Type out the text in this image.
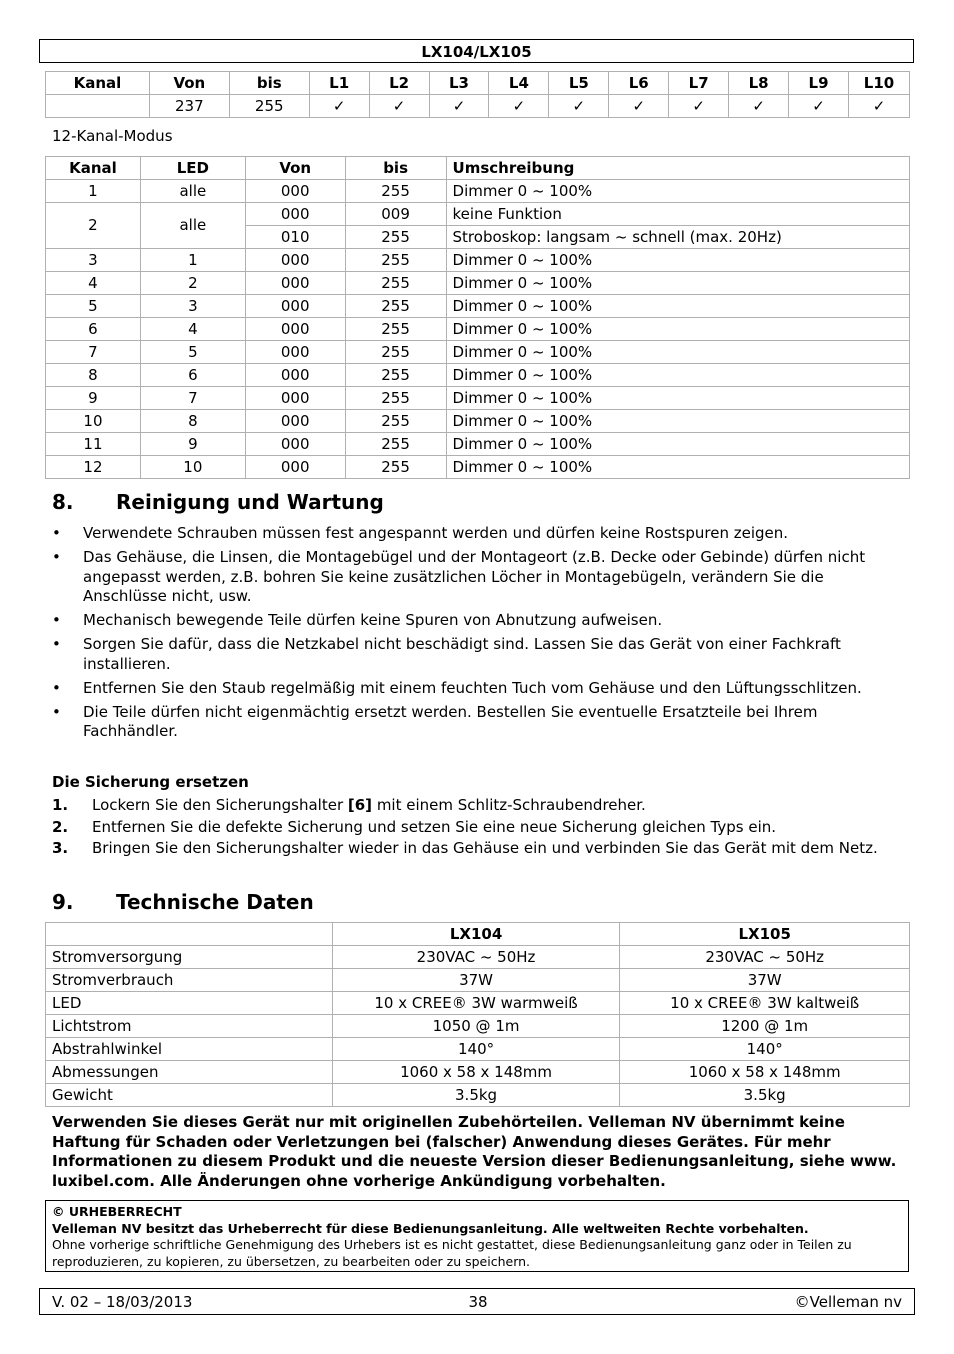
LX104/LX105
Kanal	Von	bis	L1	L2	L3	L4	L5	L6	L7	L8	L9	L10
	237	255	✓	✓	✓	✓	✓	✓	✓	✓	✓	✓
12-Kanal-Modus
Kanal	LED	Von	bis	Umschreibung
1	alle	000	255	Dimmer 0 ~ 100%
2	alle	000	009	keine Funktion
		010	255	Stroboskop: langsam ~ schnell (max. 20Hz)
3	1	000	255	Dimmer 0 ~ 100%
4	2	000	255	Dimmer 0 ~ 100%
5	3	000	255	Dimmer 0 ~ 100%
6	4	000	255	Dimmer 0 ~ 100%
7	5	000	255	Dimmer 0 ~ 100%
8	6	000	255	Dimmer 0 ~ 100%
9	7	000	255	Dimmer 0 ~ 100%
10	8	000	255	Dimmer 0 ~ 100%
11	9	000	255	Dimmer 0 ~ 100%
12	10	000	255	Dimmer 0 ~ 100%
8. Reinigung und Wartung
• Verwendete Schrauben müssen fest angespannt werden und dürfen keine Rostspuren zeigen.
• Das Gehäuse, die Linsen, die Montagebügel und der Montageort (z.B. Decke oder Gebinde) dürfen nicht angepasst werden, z.B. bohren Sie keine zusätzlichen Löcher in Montagebügeln, verändern Sie die Anschlüsse nicht, usw.
• Mechanisch bewegende Teile dürfen keine Spuren von Abnutzung aufweisen.
• Sorgen Sie dafür, dass die Netzkabel nicht beschädigt sind. Lassen Sie das Gerät von einer Fachkraft installieren.
• Entfernen Sie den Staub regelmäßig mit einem feuchten Tuch vom Gehäuse und den Lüftungsschlitzen.
• Die Teile dürfen nicht eigenmächtig ersetzt werden. Bestellen Sie eventuelle Ersatzteile bei Ihrem Fachhändler.
Die Sicherung ersetzen
1. Lockern Sie den Sicherungshalter [6] mit einem Schlitz-Schraubendreher.
2. Entfernen Sie die defekte Sicherung und setzen Sie eine neue Sicherung gleichen Typs ein.
3. Bringen Sie den Sicherungshalter wieder in das Gehäuse ein und verbinden Sie das Gerät mit dem Netz.
9. Technische Daten
	LX104	LX105
Stromversorgung	230VAC ~ 50Hz	230VAC ~ 50Hz
Stromverbrauch	37W	37W
LED	10 x CREE® 3W warmweiß	10 x CREE® 3W kaltweiß
Lichtstrom	1050 @ 1m	1200 @ 1m
Abstrahlwinkel	140°	140°
Abmessungen	1060 x 58 x 148mm	1060 x 58 x 148mm
Gewicht	3.5kg	3.5kg
Verwenden Sie dieses Gerät nur mit originellen Zubehörteilen. Velleman NV übernimmt keine Haftung für Schaden oder Verletzungen bei (falscher) Anwendung dieses Gerätes. Für mehr Informationen zu diesem Produkt und die neueste Version dieser Bedienungsanleitung, siehe www. luxibel.com. Alle Änderungen ohne vorherige Ankündigung vorbehalten.
© URHEBERRECHT
Velleman NV besitzt das Urheberrecht für diese Bedienungsanleitung. Alle weltweiten Rechte vorbehalten.
Ohne vorherige schriftliche Genehmigung des Urhebers ist es nicht gestattet, diese Bedienungsanleitung ganz oder in Teilen zu reproduzieren, zu kopieren, zu übersetzen, zu bearbeiten oder zu speichern.
V. 02 – 18/03/2013	38	©Velleman nv
